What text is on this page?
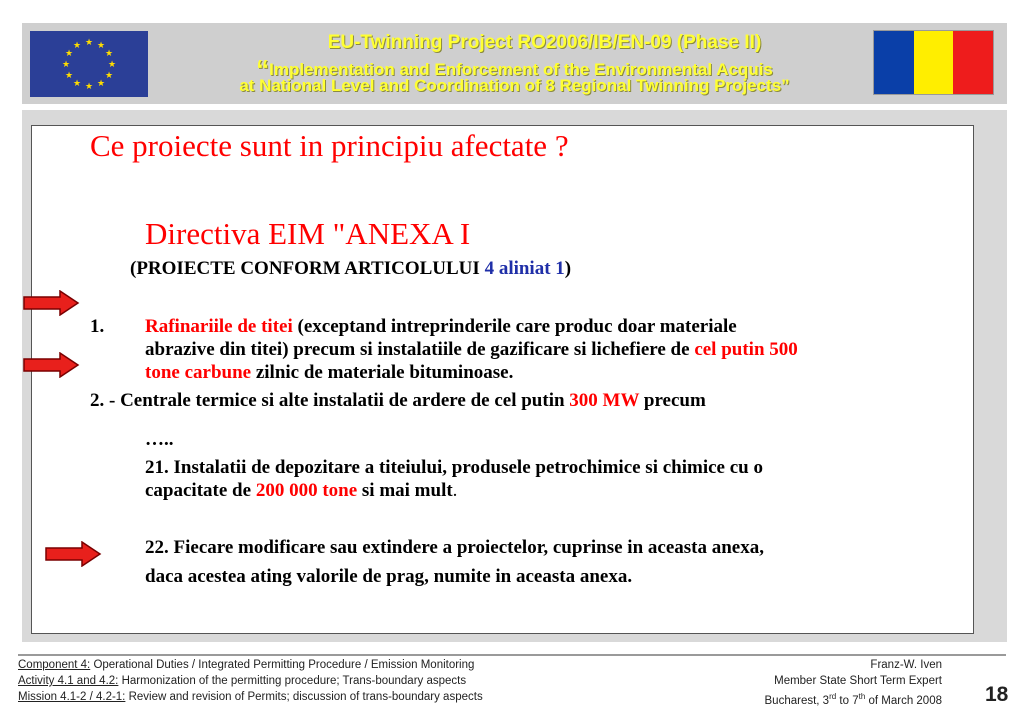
★ ★
★
★
★
★
★
★
★
★
★
★	EU-Twinning Project RO2006/IB/EN-09 (Phase II)
“Implementation and Enforcement of the Environmental Acquis
at National Level and Coordination of 8 Regional Twinning Projects”
Ce proiecte sunt in principiu afectate ?
Directiva EIM "ANEXA I
(PROIECTE CONFORM ARTICOLULUI 4 aliniat 1)
1. Rafinariile de titei (exceptand intreprinderile care produc doar materiale
abrazive din titei) precum si instalatiile de gazificare si lichefiere de cel putin 500
tone carbune zilnic de materiale bituminoase.
2. - Centrale termice si alte instalatii de ardere de cel putin 300 MW precum
…..
21. Instalatii de depozitare a titeiului, produsele petrochimice si chimice cu o
capacitate de 200 000 tone si mai mult.
22. Fiecare modificare sau extindere a proiectelor, cuprinse in aceasta anexa,
daca acestea ating valorile de prag, numite in aceasta anexa.
Component 4: Operational Duties / Integrated Permitting Procedure / Emission Monitoring
Activity 4.1 and 4.2: Harmonization of the permitting procedure; Trans-boundary aspects
Mission 4.1-2 / 4.2-1: Review and revision of Permits; discussion of trans-boundary aspects
Franz-W. Iven
Member State Short Term Expert
Bucharest, 3rd to 7th of March 2008 18
